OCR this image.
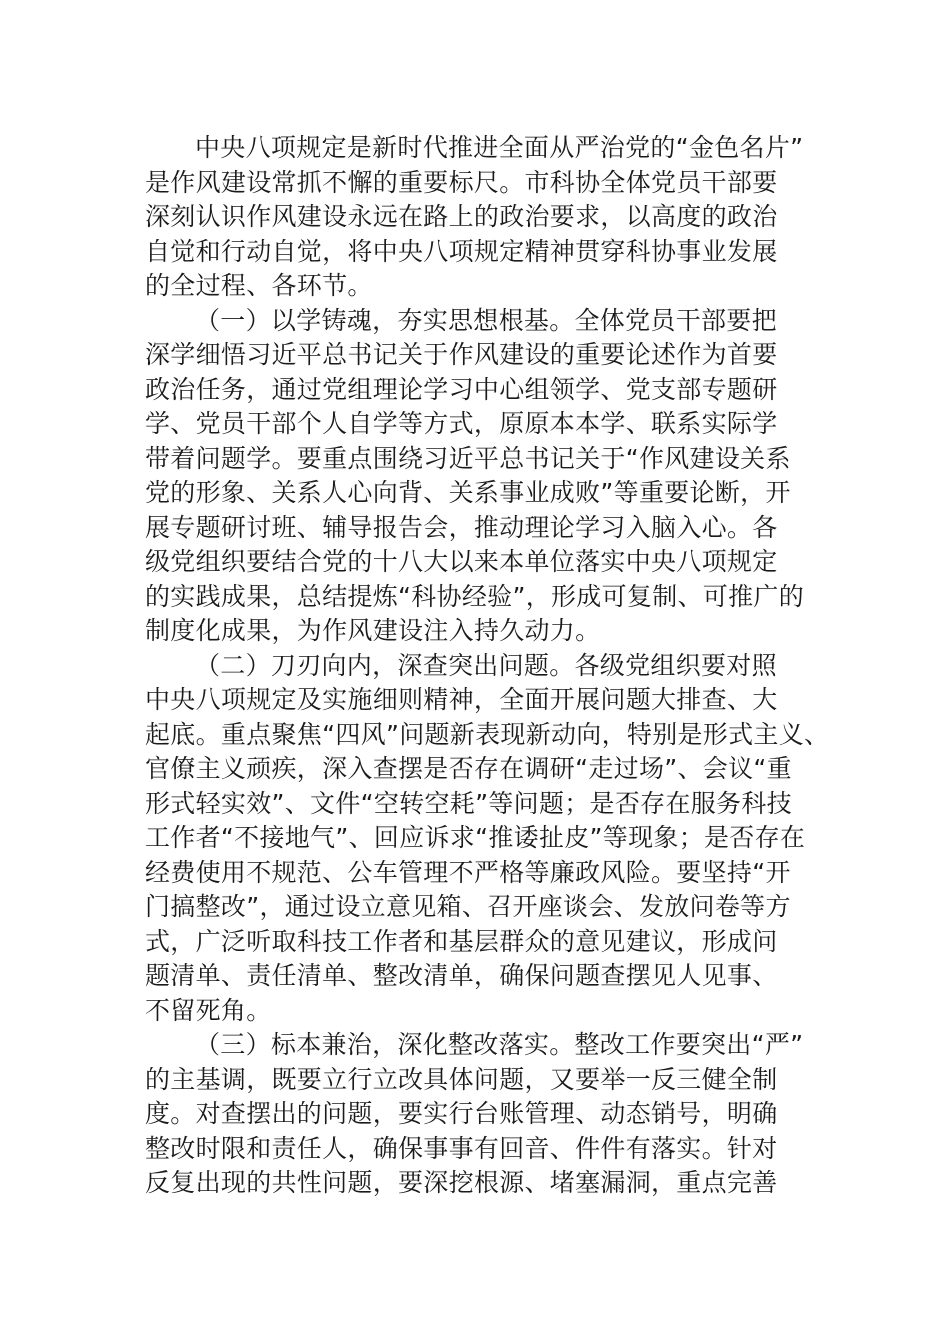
中央八项规定是新时代推进全面从严治党的“金色名片”
是作风建设常抓不懈的重要标尺。市科协全体党员干部要
深刻认识作风建设永远在路上的政治要求，以高度的政治
自觉和行动自觉，将中央八项规定精神贯穿科协事业发展
的全过程、各环节。
（一）以学铸魂，夯实思想根基。全体党员干部要把
深学细悟习近平总书记关于作风建设的重要论述作为首要
政治任务，通过党组理论学习中心组领学、党支部专题研
学、党员干部个人自学等方式，原原本本学、联系实际学
带着问题学。要重点围绕习近平总书记关于“作风建设关系
党的形象、关系人心向背、关系事业成败”等重要论断，开
展专题研讨班、辅导报告会，推动理论学习入脑入心。各
级党组织要结合党的十八大以来本单位落实中央八项规定
的实践成果，总结提炼“科协经验”，形成可复制、可推广的
制度化成果，为作风建设注入持久动力。
（二）刀刃向内，深查突出问题。各级党组织要对照
中央八项规定及实施细则精神，全面开展问题大排查、大
起底。重点聚焦“四风”问题新表现新动向，特别是形式主义、
官僚主义顽疾，深入查摆是否存在调研“走过场”、会议“重
形式轻实效”、文件“空转空耗”等问题；是否存在服务科技
工作者“不接地气”、回应诉求“推诿扯皮”等现象；是否存在
经费使用不规范、公车管理不严格等廉政风险。要坚持“开
门搞整改”，通过设立意见箱、召开座谈会、发放问卷等方
式，广泛听取科技工作者和基层群众的意见建议，形成问
题清单、责任清单、整改清单，确保问题查摆见人见事、
不留死角。
（三）标本兼治，深化整改落实。整改工作要突出“严”
的主基调，既要立行立改具体问题，又要举一反三健全制
度。对查摆出的问题，要实行台账管理、动态销号，明确
整改时限和责任人，确保事事有回音、件件有落实。针对
反复出现的共性问题，要深挖根源、堵塞漏洞，重点完善
